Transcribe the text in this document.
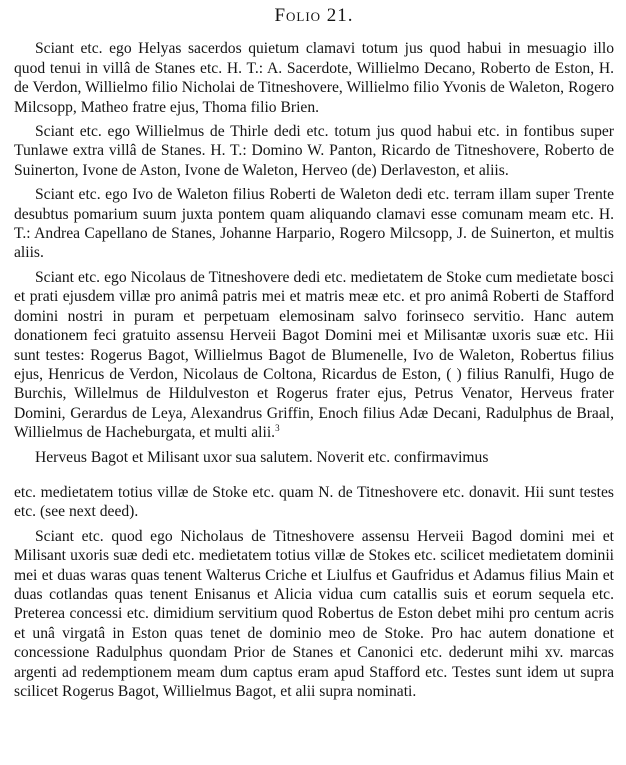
Folio 21.

Sciant etc. ego Helyas sacerdos quietum clamavi totum jus quod habui in mesuagio illo quod tenui in villâ de Stanes etc. H. T.: A. Sacerdote, Willielmo Decano, Roberto de Eston, H. de Verdon, Willielmo filio Nicholai de Titneshovere, Willielmo filio Yvonis de Waleton, Rogero Milcsopp, Matheo fratre ejus, Thoma filio Brien.

Sciant etc. ego Willielmus de Thirle dedi etc. totum jus quod habui etc. in fontibus super Tunlawe extra villâ de Stanes. H. T.: Domino W. Panton, Ricardo de Titneshovere, Roberto de Suinerton, Ivone de Aston, Ivone de Waleton, Herveo (de) Derlaveston, et aliis.

Sciant etc. ego Ivo de Waleton filius Roberti de Waleton dedi etc. terram illam super Trente desubtus pomarium suum juxta pontem quam aliquando clamavi esse comunam meam etc. H. T.: Andrea Capellano de Stanes, Johanne Harpario, Rogero Milcsopp, J. de Suinerton, et multis aliis.

Sciant etc. ego Nicolaus de Titneshovere dedi etc. medietatem de Stoke cum medietate bosci et prati ejusdem villæ pro animâ patris mei et matris meæ etc. et pro animâ Roberti de Stafford domini nostri in puram et perpetuam elemosinam salvo forinseco servitio. Hanc autem donationem feci gratuito assensu Herveii Bagot Domini mei et Milisantæ uxoris suæ etc. Hii sunt testes: Rogerus Bagot, Willielmus Bagot de Blumenelle, Ivo de Waleton, Robertus filius ejus, Henricus de Verdon, Nicolaus de Coltona, Ricardus de Eston, ( ) filius Ranulfi, Hugo de Burchis, Willelmus de Hildulveston et Rogerus frater ejus, Petrus Venator, Herveus frater Domini, Gerardus de Leya, Alexandrus Griffin, Enoch filius Adæ Decani, Radulphus de Braal, Willielmus de Hacheburgata, et multi alii.$^3$

Herveus Bagot et Milisant uxor sua salutem. Noverit etc. confirmavimus

etc. medietatem totius villæ de Stoke etc. quam N. de Titneshovere etc. donavit. Hii sunt testes etc. (see next deed).

Sciant etc. quod ego Nicholaus de Titneshovere assensu Herveii Bagod domini mei et Milisant uxoris suæ dedi etc. medietatem totius villæ de Stokes etc. scilicet medietatem dominii mei et duas waras quas tenent Walterus Criche et Liulfus et Gaufridus et Adamus filius Main et duas cotlandas quas tenent Enisanus et Alicia vidua cum catallis suis et eorum sequela etc. Preterea concessi etc. dimidium servitium quod Robertus de Eston debet mihi pro centum acris et unâ virgatâ in Eston quas tenet de dominio meo de Stoke. Pro hac autem donatione et concessione Radulphus quondam Prior de Stanes et Canonici etc. dederunt mihi xv. marcas argenti ad redemptionem meam dum captus eram apud Stafford etc. Testes sunt idem ut supra scilicet Rogerus Bagot, Willielmus Bagot, et alii supra nominati.
